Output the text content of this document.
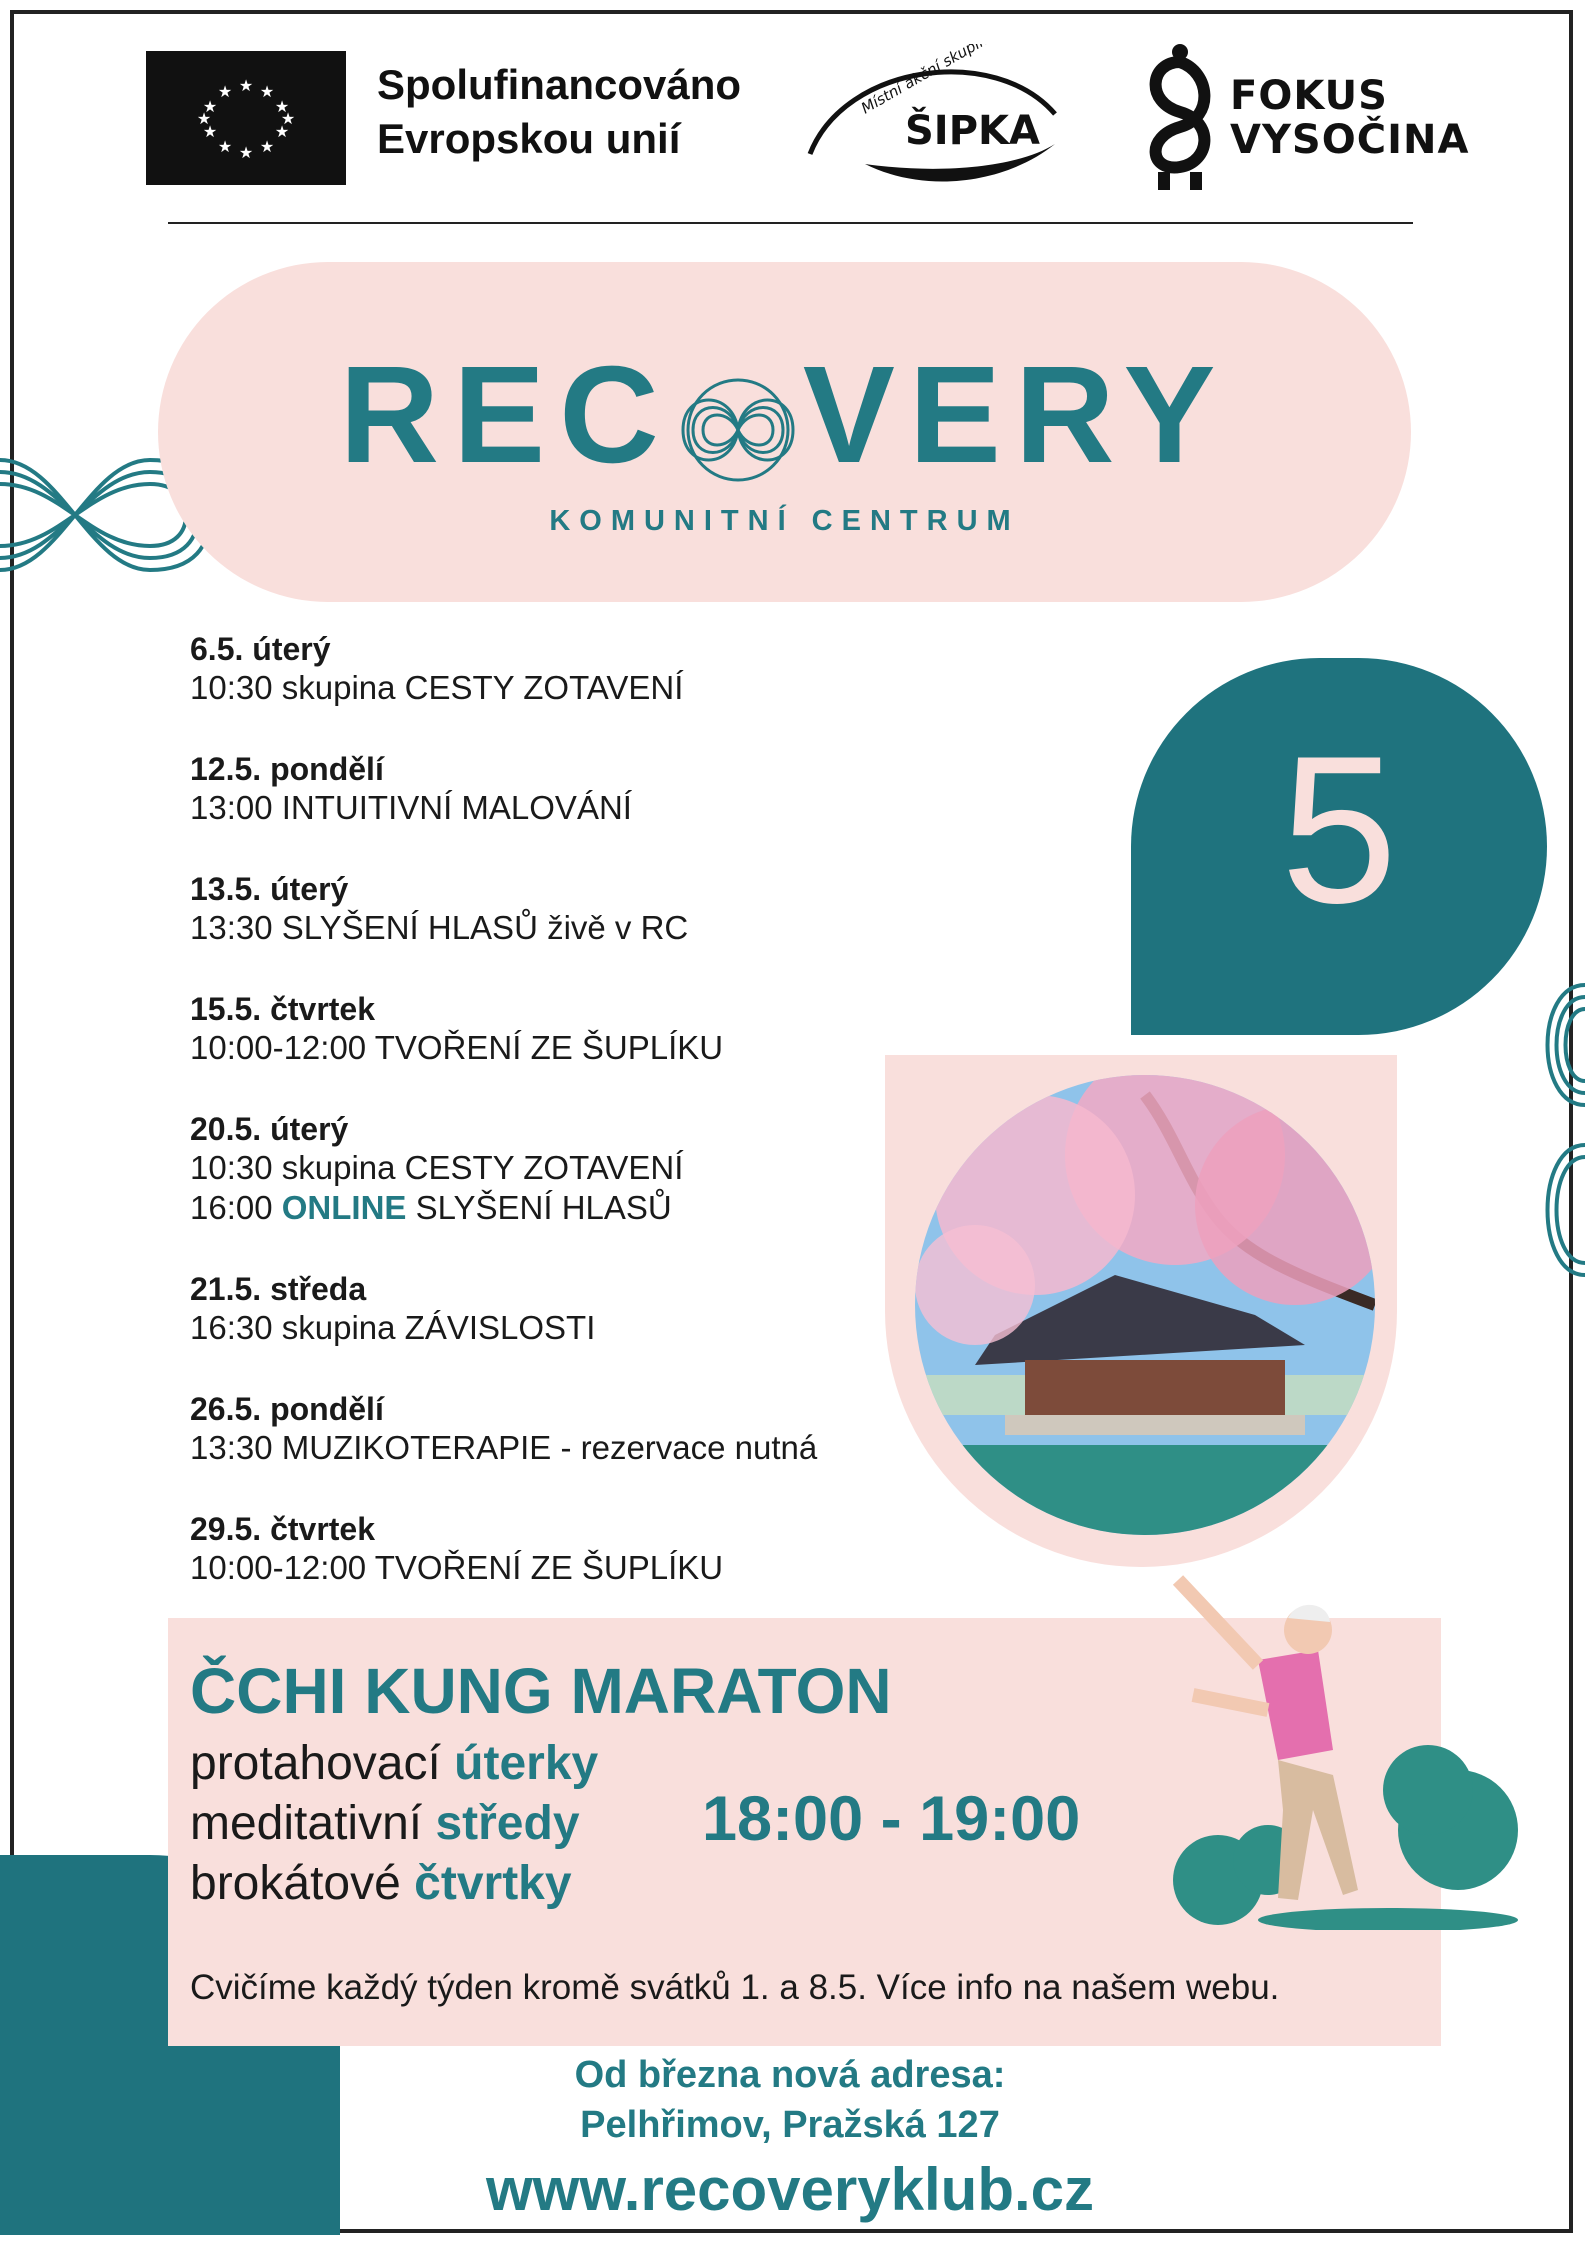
★ ★
★
★
★
★
★
★
★
★
★
★	Spolufinancováno
Evropskou unií
Místní akční skupina
ŠIPKA
FOKUS
VYSOČINA
REC VERY
KOMUNITNÍ CENTRUM
5
6.5. úterý
10:30 skupina CESTY ZOTAVENÍ
12.5. pondělí
13:00 INTUITIVNÍ MALOVÁNÍ
13.5. úterý
13:30 SLYŠENÍ HLASŮ živě v RC
15.5. čtvrtek
10:00-12:00 TVOŘENÍ ZE ŠUPLÍKU
20.5. úterý
10:30 skupina CESTY ZOTAVENÍ
16:00 ONLINE SLYŠENÍ HLASŮ
21.5. středa
16:30 skupina ZÁVISLOSTI
26.5. pondělí
13:30 MUZIKOTERAPIE - rezervace nutná
29.5. čtvrtek
10:00-12:00 TVOŘENÍ ZE ŠUPLÍKU
ČCHI KUNG MARATON
protahovací úterky
meditativní středy
brokátové čtvrtky
18:00 - 19:00
Cvičíme každý týden kromě svátků 1. a 8.5. Více info na našem webu.
Od března nová adresa:
Pelhřimov, Pražská 127
www.recoveryklub.cz
